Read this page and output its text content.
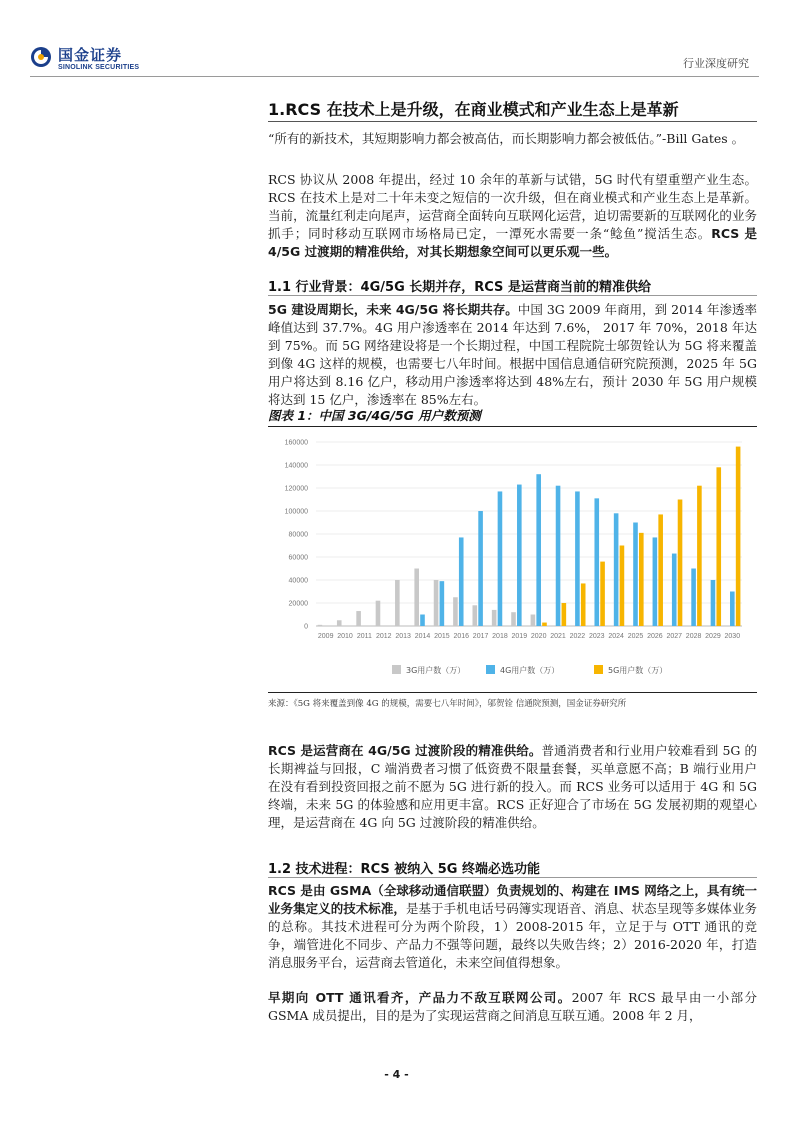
国金证券
SINOLINK SECURITIES	行业深度研究
1.RCS 在技术上是升级，在商业模式和产业生态上是革新
“所有的新技术，其短期影响力都会被高估，而长期影响力都会被低估。”-Bill Gates 。
RCS 协议从 2008 年提出，经过 10 余年的革新与试错，5G 时代有望重塑产业生态。RCS 在技术上是对二十年未变之短信的一次升级，但在商业模式和产业生态上是革新。当前，流量红利走向尾声，运营商全面转向互联网化运营，迫切需要新的互联网化的业务抓手；同时移动互联网市场格局已定，一潭死水需要一条“鲶鱼”搅活生态。RCS 是 4/5G 过渡期的精准供给，对其长期想象空间可以更乐观一些。
1.1 行业背景：4G/5G 长期并存，RCS 是运营商当前的精准供给
5G 建设周期长，未来 4G/5G 将长期共存。中国 3G 2009 年商用，到 2014 年渗透率峰值达到 37.7%。4G 用户渗透率在 2014 年达到 7.6%， 2017 年 70%，2018 年达到 75%。而 5G 网络建设将是一个长期过程，中国工程院院士邬贺铨认为 5G 将来覆盖到像 4G 这样的规模，也需要七八年时间。根据中国信息通信研究院预测，2025 年 5G 用户将达到 8.16 亿户，移动用户渗透率将达到 48%左右，预计 2030 年 5G 用户规模将达到 15 亿户，渗透率在 85%左右。
图表 1：中国 3G/4G/5G 用户数预测
2009 2010 2011 2012 2013 2014 2015 2016 2017 2018 2019 2020 2021 2022 2023 2024 2025 2026 2027 2028 2029 2030
0
20000
40000
60000
80000
100000
120000
140000
160000
3G用户数（万）	4G用户数（万）	5G用户数（万）
来源：《5G 将来覆盖到像 4G 的规模，需要七八年时间》，邬贺铨 信通院预测，国金证券研究所
RCS 是运营商在 4G/5G 过渡阶段的精准供给。普通消费者和行业用户较难看到 5G 的长期裨益与回报，C 端消费者习惯了低资费不限量套餐，买单意愿不高；B 端行业用户在没有看到投资回报之前不愿为 5G 进行新的投入。而 RCS 业务可以适用于 4G 和 5G 终端，未来 5G 的体验感和应用更丰富。RCS 正好迎合了市场在 5G 发展初期的观望心理，是运营商在 4G 向 5G 过渡阶段的精准供给。
1.2 技术进程：RCS 被纳入 5G 终端必选功能
RCS 是由 GSMA（全球移动通信联盟）负责规划的、构建在 IMS 网络之上，具有统一业务集定义的技术标准，是基于手机电话号码簿实现语音、消息、状态呈现等多媒体业务的总称。其技术进程可分为两个阶段，1）2008-2015 年，立足于与 OTT 通讯的竞争，端管进化不同步、产品力不强等问题，最终以失败告终；2）2016-2020 年，打造消息服务平台，运营商去管道化，未来空间值得想象。
早期向 OTT 通讯看齐，产品力不敌互联网公司。2007 年 RCS 最早由一小部分 GSMA 成员提出，目的是为了实现运营商之间消息互联互通。2008 年 2 月，
- 4 -
